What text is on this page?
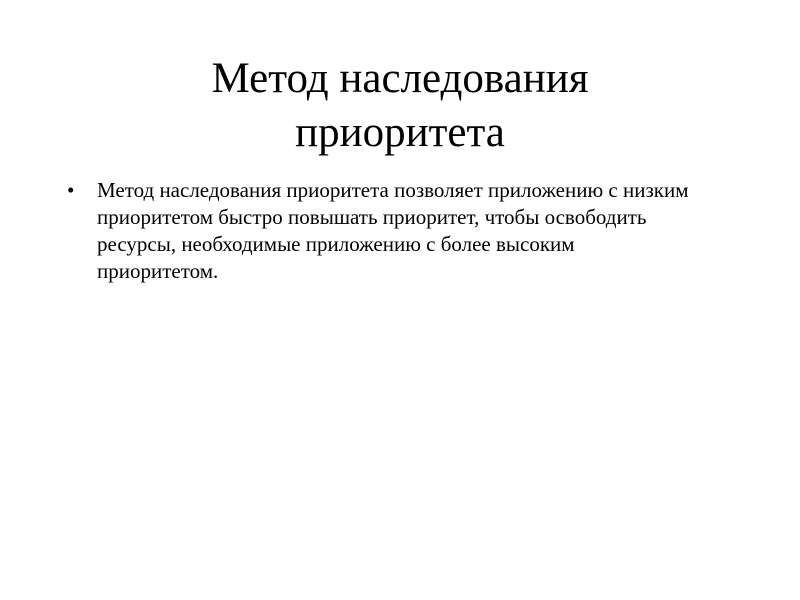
Метод наследования
приоритета
• Метод наследования приоритета позволяет приложению с низким
приоритетом быстро повышать приоритет, чтобы освободить
ресурсы, необходимые приложению с более высоким
приоритетом.
